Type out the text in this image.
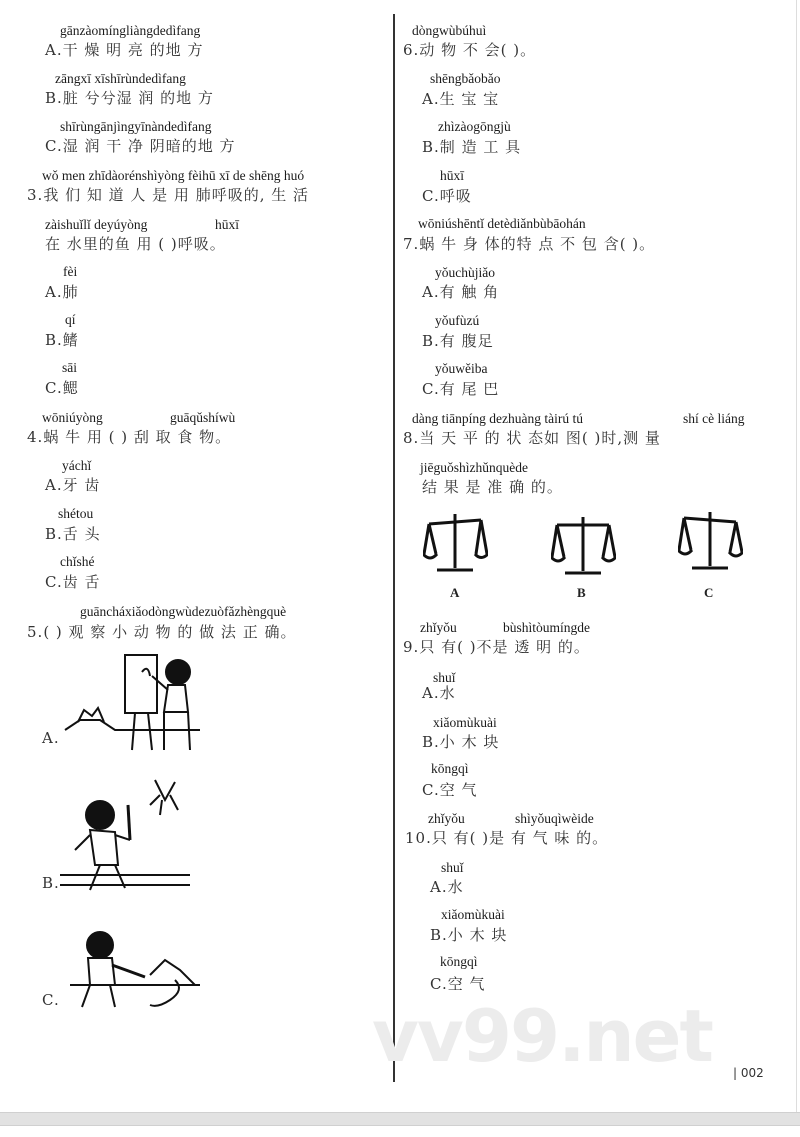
vv99.net | 002
A	B	C
gānzàomíngliàngdedìfang
A.干 燥 明 亮 的地 方
zāngxī xīshīrùndedìfang
B.脏 兮兮湿 润 的地 方
shīrùngānjìngyīnàndedìfang
C.湿 润 干 净 阴暗的地 方
wǒ men zhīdàorénshìyòng fèihū xī de shēng huó
3.我 们 知 道 人 是 用 肺呼吸的, 生 活
zàishuǐlǐ deyúyòng	hūxī
在 水里的鱼 用 ( )呼吸。
fèi
A.肺
qí
B.鳍
sāi
C.鳃
wōniúyòng	guāqǔshíwù
4.蜗 牛 用 ( ) 刮 取 食 物。
yáchǐ
A.牙 齿
shétou
B.舌 头
chǐshé
C.齿 舌
guāncháxiǎodòngwùdezuòfǎzhèngquè
5.( ) 观 察 小 动 物 的 做 法 正 确。
A.
B.
C.
dòngwùbúhuì
6.动 物 不 会( )。
shēngbǎobǎo
A.生 宝 宝
zhìzàogōngjù
B.制 造 工 具
hūxī
C.呼吸
wōniúshēntǐ detèdiǎnbùbāohán
7.蜗 牛 身 体的特 点 不 包 含( )。
yǒuchùjiǎo
A.有 触 角
yǒufùzú
B.有 腹足
yǒuwěiba
C.有 尾 巴
dàng tiānpíng dezhuàng tàirú tú	shí cè liáng
8.当 天 平 的 状 态如 图( )时,测 量
jiēguǒshìzhǔnquède
结 果 是 准 确 的。
zhǐyǒu	bùshìtòumíngde
9.只 有( )不是 透 明 的。
shuǐ
A.水
xiǎomùkuài
B.小 木 块
kōngqì
C.空 气
zhǐyǒu	shìyǒuqìwèide
10.只 有( )是 有 气 味 的。
shuǐ
A.水
xiǎomùkuài
B.小 木 块
kōngqì
C.空 气
